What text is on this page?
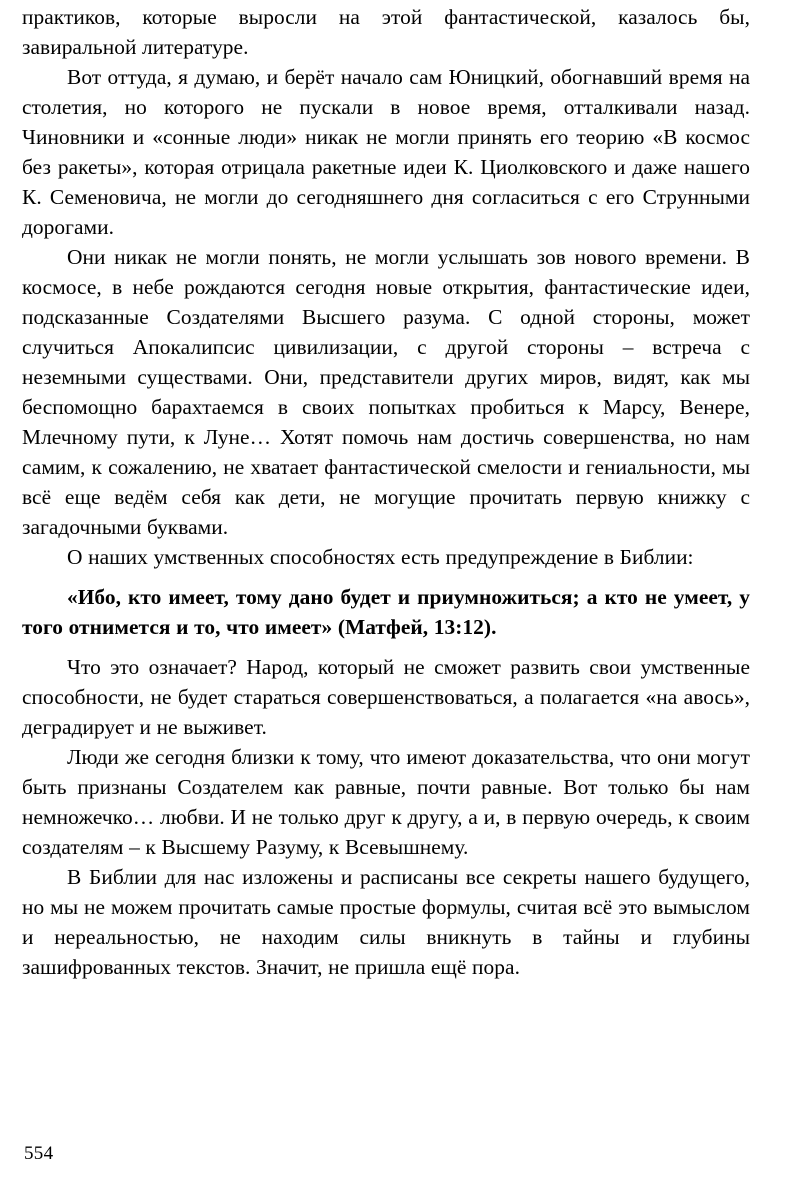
практиков, которые выросли на этой фантастической, казалось бы, завиральной литературе.

Вот оттуда, я думаю, и берёт начало сам Юницкий, обогнавший время на столетия, но которого не пускали в новое время, отталкивали назад. Чиновники и «сонные люди» никак не могли принять его теорию «В космос без ракеты», которая отрицала ракетные идеи К. Циолковского и даже нашего К. Семеновича, не могли до сегодняшнего дня согласиться с его Струнными дорогами.

Они никак не могли понять, не могли услышать зов нового времени. В космосе, в небе рождаются сегодня новые открытия, фантастические идеи, подсказанные Создателями Высшего разума. С одной стороны, может случиться Апокалипсис цивилизации, с другой стороны – встреча с неземными существами. Они, представители других миров, видят, как мы беспомощно барахтаемся в своих попытках пробиться к Марсу, Венере, Млечному пути, к Луне… Хотят помочь нам достичь совершенства, но нам самим, к сожалению, не хватает фантастической смелости и гениальности, мы всё еще ведём себя как дети, не могущие прочитать первую книжку с загадочными буквами.

О наших умственных способностях есть предупреждение в Библии:

«Ибо, кто имеет, тому дано будет и приумножиться; а кто не умеет, у того отнимется и то, что имеет» (Матфей, 13:12).

Что это означает? Народ, который не сможет развить свои умственные способности, не будет стараться совершенствоваться, а полагается «на авось», деградирует и не выживет.

Люди же сегодня близки к тому, что имеют доказательства, что они могут быть признаны Создателем как равные, почти равные. Вот только бы нам немножечко… любви. И не только друг к другу, а и, в первую очередь, к своим создателям – к Высшему Разуму, к Всевышнему.

В Библии для нас изложены и расписаны все секреты нашего будущего, но мы не можем прочитать самые простые формулы, считая всё это вымыслом и нереальностью, не находим силы вникнуть в тайны и глубины зашифрованных текстов. Значит, не пришла ещё пора.

554
